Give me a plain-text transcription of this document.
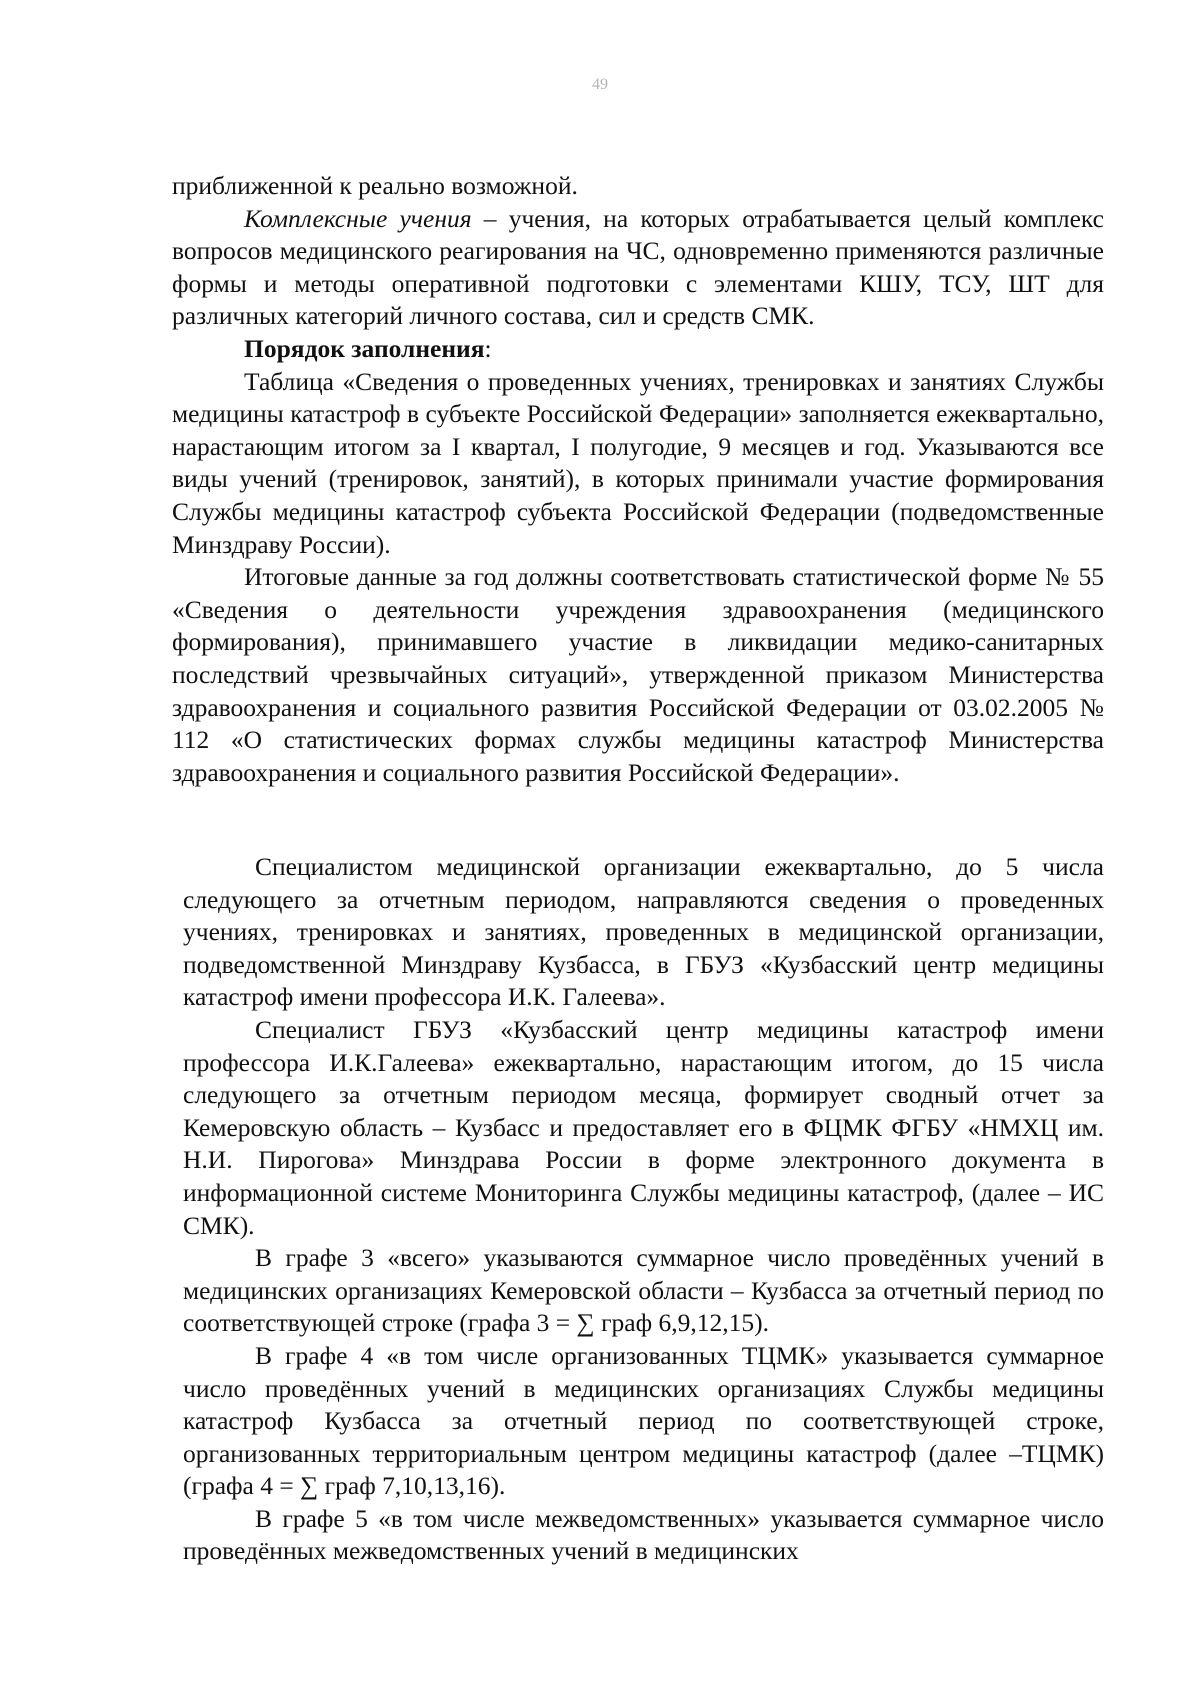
49

приближенной к реально возможной.

Комплексные учения – учения, на которых отрабатывается целый комплекс вопросов медицинского реагирования на ЧС, одновременно применяются различные формы и методы оперативной подготовки с элементами КШУ, ТСУ, ШТ для различных категорий личного состава, сил и средств СМК.

Порядок заполнения:

Таблица «Сведения о проведенных учениях, тренировках и занятиях Службы медицины катастроф в субъекте Российской Федерации» заполняется ежеквартально, нарастающим итогом за I квартал, I полугодие, 9 месяцев и год. Указываются все виды учений (тренировок, занятий), в которых принимали участие формирования Службы медицины катастроф субъекта Российской Федерации (подведомственные Минздраву России).

Итоговые данные за год должны соответствовать статистической форме № 55 «Сведения о деятельности учреждения здравоохранения (медицинского формирования), принимавшего участие в ликвидации медико-санитарных последствий чрезвычайных ситуаций», утвержденной приказом Министерства здравоохранения и социального развития Российской Федерации от 03.02.2005 № 112 «О статистических формах службы медицины катастроф Министерства здравоохранения и социального развития Российской Федерации».

Специалистом медицинской организации ежеквартально, до 5 числа следующего за отчетным периодом, направляются сведения о проведенных учениях, тренировках и занятиях, проведенных в медицинской организации, подведомственной Минздраву Кузбасса, в ГБУЗ «Кузбасский центр медицины катастроф имени профессора И.К. Галеева».

Специалист ГБУЗ «Кузбасский центр медицины катастроф имени профессора И.К.Галеева» ежеквартально, нарастающим итогом, до 15 числа следующего за отчетным периодом месяца, формирует сводный отчет за Кемеровскую область – Кузбасс и предоставляет его в ФЦМК ФГБУ «НМХЦ им. Н.И. Пирогова» Минздрава России в форме электронного документа в информационной системе Мониторинга Службы медицины катастроф, (далее – ИС СМК).

В графе 3 «всего» указываются суммарное число проведённых учений в медицинских организациях Кемеровской области – Кузбасса за отчетный период по соответствующей строке (графа 3 = ∑ граф 6,9,12,15).

В графе 4 «в том числе организованных ТЦМК» указывается суммарное число проведённых учений в медицинских организациях Службы медицины катастроф Кузбасса за отчетный период по соответствующей строке, организованных территориальным центром медицины катастроф (далее –ТЦМК) (графа 4 = ∑ граф 7,10,13,16).

В графе 5 «в том числе межведомственных» указывается суммарное число проведённых межведомственных учений в медицинских
